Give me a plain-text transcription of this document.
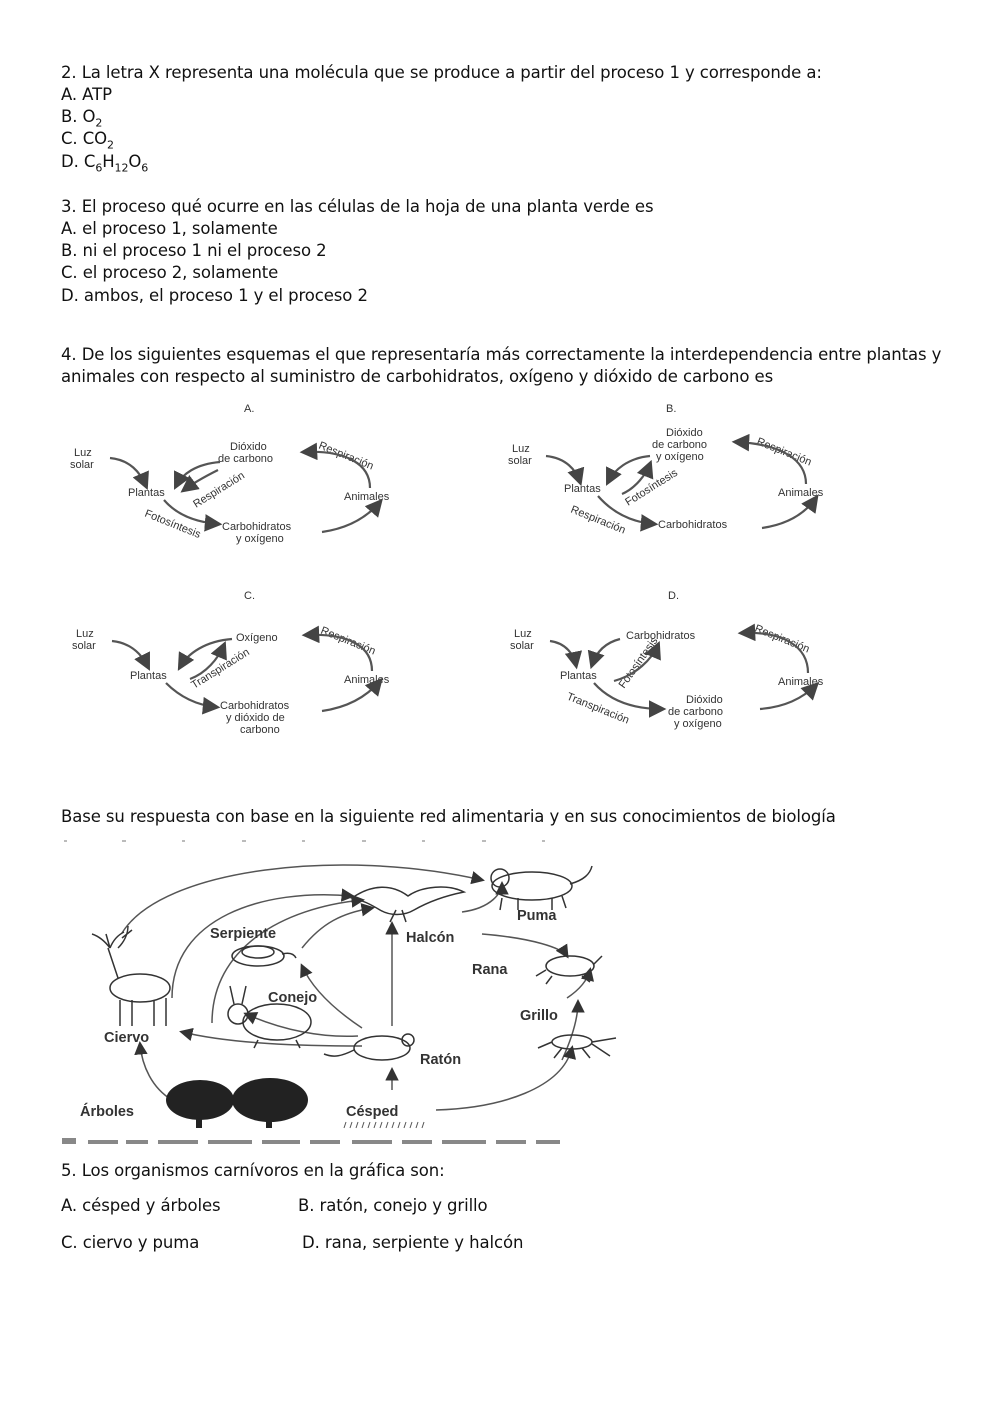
2. La letra X representa una molécula que se produce a partir del proceso 1 y corresponde a:
A. ATP
B. $O_2$
C. $CO_2$
D. $C_6H_{12}O_6$
3. El proceso qué ocurre en las células de la hoja de una planta verde es
A. el proceso 1, solamente
B. ni el proceso 1 ni el proceso 2
C. el proceso 2, solamente
D. ambos, el proceso 1 y el proceso 2
4. De los siguientes esquemas el que representaría más correctamente la interdependencia entre plantas y
animales con respecto al suministro de carbohidratos, oxígeno y dióxido de carbono es
A.
Luz
solar
Plantas	Animales
Dióxido
de carbono
Carbohidratos
y oxígeno
Respiración
Respiración
Fotosíntesis
B.
Luz
solar
Plantas	Animales
Dióxido
de carbono
y oxígeno
Carbohidratos
Respiración
Fotosíntesis
Respiración
C.
Luz
solar
Plantas	Animales
Oxígeno
Carbohidratos
y dióxido de
carbono
Respiración
Transpiración
D.
Luz
solar
Plantas	Animales
Carbohidratos
Dióxido
de carbono
y oxígeno
Respiración
Fotosíntesis
Transpiración
Base su respuesta con base en la siguiente red alimentaria y en sus conocimientos de biología
Puma
Halcón
Serpiente
Rana
Conejo
Grillo
Ciervo
Ratón
Árboles	Césped
5. Los organismos carnívoros en la gráfica son:
A. césped y árboles	B. ratón, conejo y grillo
C. ciervo y puma	D. rana, serpiente y halcón
